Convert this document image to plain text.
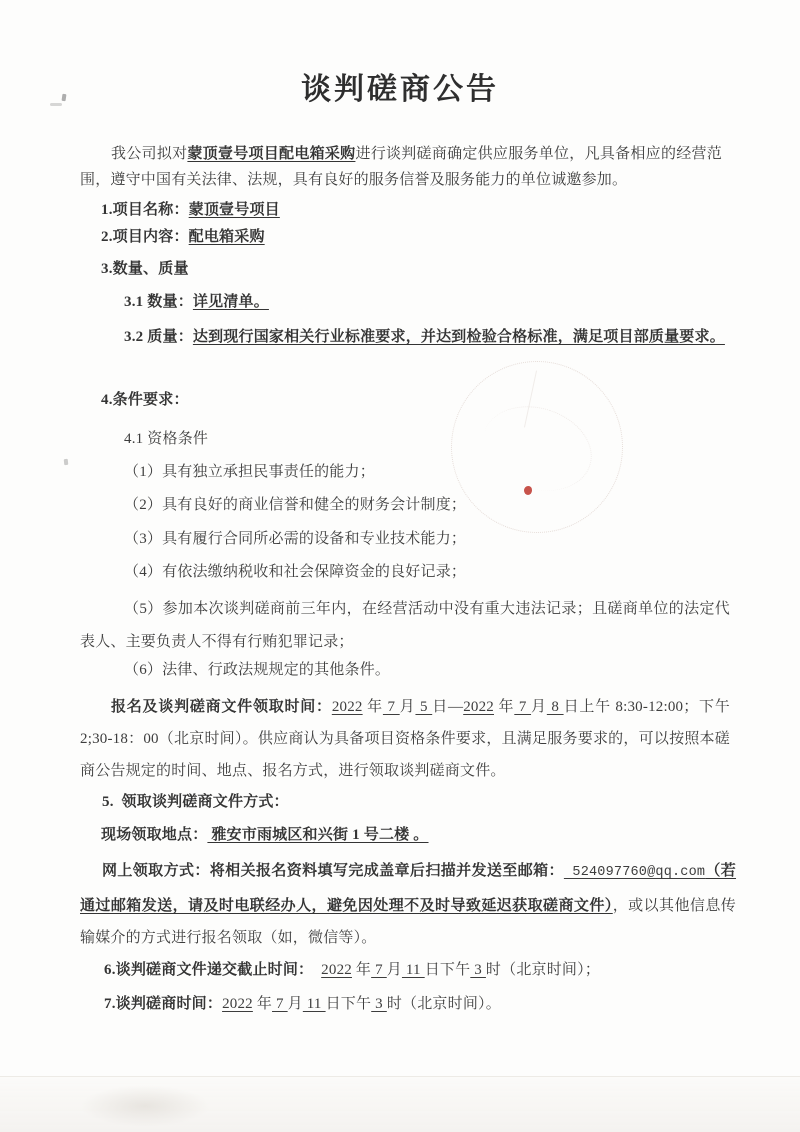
谈判磋商公告
我公司拟对蒙顶壹号项目配电箱采购进行谈判磋商确定供应服务单位，凡具备相应的经营范围，遵守中国有关法律、法规，具有良好的服务信誉及服务能力的单位诚邀参加。
1.项目名称：蒙顶壹号项目
2.项目内容：配电箱采购
3.数量、质量
3.1 数量：详见清单。
3.2 质量：达到现行国家相关行业标准要求，并达到检验合格标准，满足项目部质量要求。
4.条件要求：
4.1 资格条件
（1）具有独立承担民事责任的能力；
（2）具有良好的商业信誉和健全的财务会计制度；
（3）具有履行合同所必需的设备和专业技术能力；
（4）有依法缴纳税收和社会保障资金的良好记录；
（5）参加本次谈判磋商前三年内，在经营活动中没有重大违法记录；且磋商单位的法定代表人、主要负责人不得有行贿犯罪记录；
（6）法律、行政法规规定的其他条件。
报名及谈判磋商文件领取时间：2022 年 7 月 5 日—2022 年 7 月 8 日上午 8:30-12:00；下午 2;30-18：00（北京时间）。供应商认为具备项目资格条件要求，且满足服务要求的，可以按照本磋商公告规定的时间、地点、报名方式，进行领取谈判磋商文件。
5.  领取谈判磋商文件方式：
现场领取地点： 雅安市雨城区和兴街 1 号二楼 。
网上领取方式：将相关报名资料填写完成盖章后扫描并发送至邮箱： 524097760@qq.com（若通过邮箱发送，请及时电联经办人，避免因处理不及时导致延迟获取磋商文件），或以其他信息传输媒介的方式进行报名领取（如，微信等）。
6.谈判磋商文件递交截止时间： 2022 年 7 月 11 日下午 3 时（北京时间）；
7.谈判磋商时间：2022 年 7 月 11 日下午 3 时（北京时间）。
